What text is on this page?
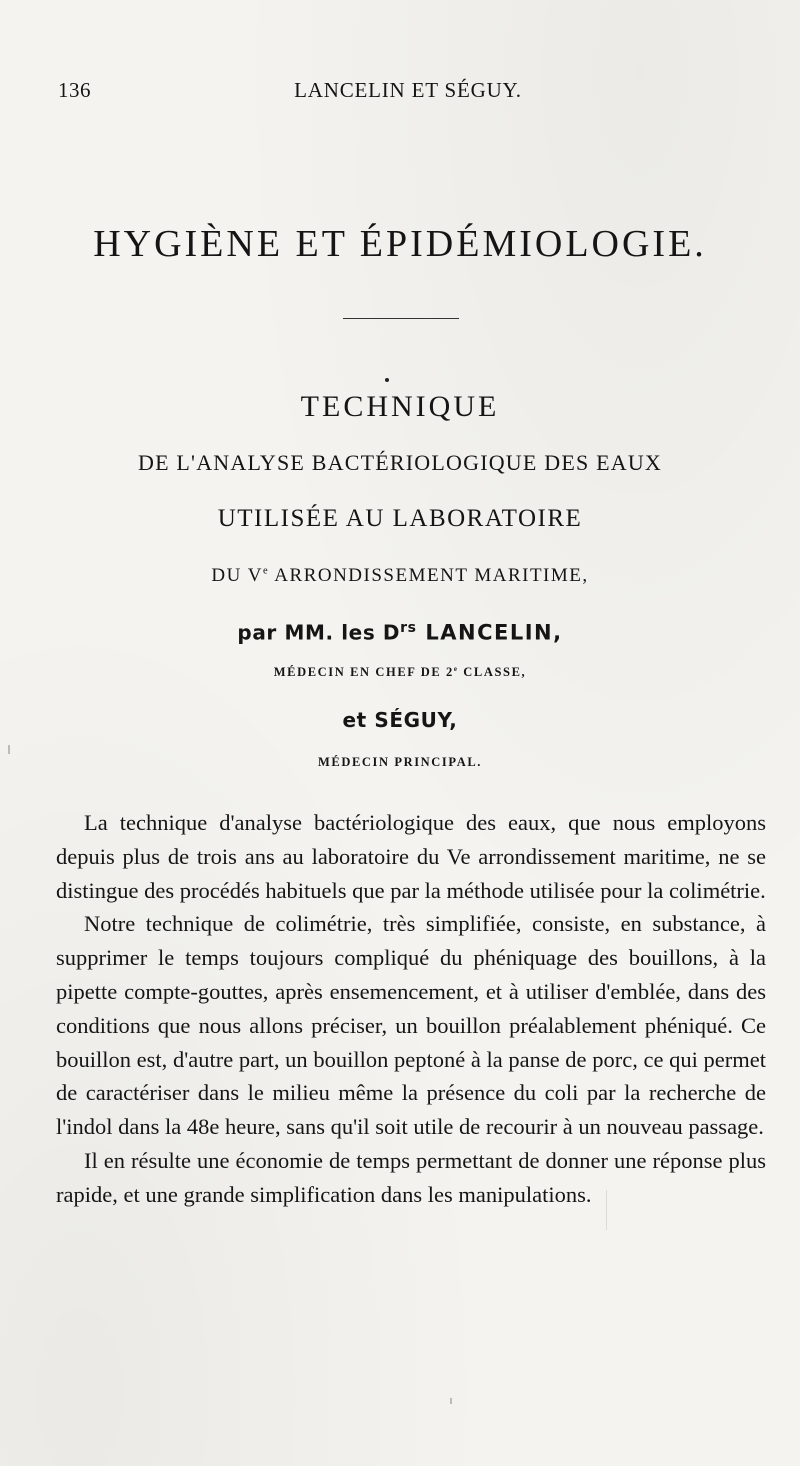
136	LANCELIN ET SÉGUY.
HYGIÈNE ET ÉPIDÉMIOLOGIE.
TECHNIQUE
DE L'ANALYSE BACTÉRIOLOGIQUE DES EAUX
UTILISÉE AU LABORATOIRE
DU Ve ARRONDISSEMENT MARITIME,
par MM. les $D^{rs}$ LANCELIN,
MÉDECIN EN CHEF DE 2e CLASSE,
et SÉGUY,
MÉDECIN PRINCIPAL.

La technique d'analyse bactériologique des eaux, que nous employons depuis plus de trois ans au laboratoire du Ve arrondissement maritime, ne se distingue des procédés habituels que par la méthode utilisée pour la colimétrie.

Notre technique de colimétrie, très simplifiée, consiste, en substance, à supprimer le temps toujours compliqué du phéniquage des bouillons, à la pipette compte-gouttes, après ensemencement, et à utiliser d'emblée, dans des conditions que nous allons préciser, un bouillon préalablement phéniqué. Ce bouillon est, d'autre part, un bouillon peptoné à la panse de porc, ce qui permet de caractériser dans le milieu même la présence du coli par la recherche de l'indol dans la 48e heure, sans qu'il soit utile de recourir à un nouveau passage.

Il en résulte une économie de temps permettant de donner une réponse plus rapide, et une grande simplification dans les manipulations.
